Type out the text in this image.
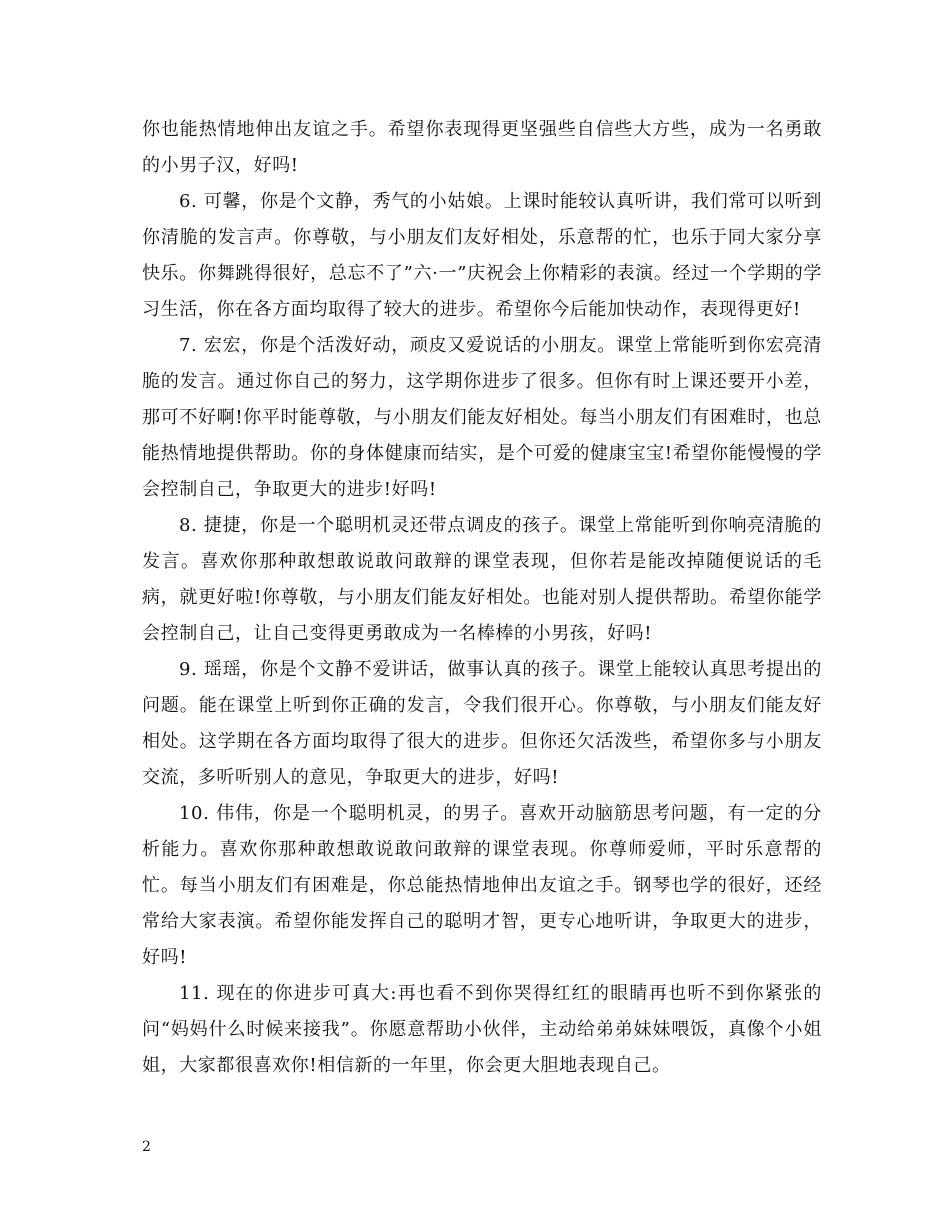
你也能热情地伸出友谊之手。希望你表现得更坚强些自信些大方些，成为一名勇敢的小男子汉，好吗!

6. 可馨，你是个文静，秀气的小姑娘。上课时能较认真听讲，我们常可以听到你清脆的发言声。你尊敬，与小朋友们友好相处，乐意帮的忙，也乐于同大家分享快乐。你舞跳得很好，总忘不了”六·一”庆祝会上你精彩的表演。经过一个学期的学习生活，你在各方面均取得了较大的进步。希望你今后能加快动作，表现得更好!

7. 宏宏，你是个活泼好动，顽皮又爱说话的小朋友。课堂上常能听到你宏亮清脆的发言。通过你自己的努力，这学期你进步了很多。但你有时上课还要开小差，那可不好啊!你平时能尊敬，与小朋友们能友好相处。每当小朋友们有困难时，也总能热情地提供帮助。你的身体健康而结实，是个可爱的健康宝宝!希望你能慢慢的学会控制自己，争取更大的进步!好吗!

8. 捷捷，你是一个聪明机灵还带点调皮的孩子。课堂上常能听到你响亮清脆的发言。喜欢你那种敢想敢说敢问敢辩的课堂表现，但你若是能改掉随便说话的毛病，就更好啦!你尊敬，与小朋友们能友好相处。也能对别人提供帮助。希望你能学会控制自己，让自己变得更勇敢成为一名棒棒的小男孩，好吗!

9. 瑶瑶，你是个文静不爱讲话，做事认真的孩子。课堂上能较认真思考提出的问题。能在课堂上听到你正确的发言，令我们很开心。你尊敬，与小朋友们能友好相处。这学期在各方面均取得了很大的进步。但你还欠活泼些，希望你多与小朋友交流，多听听别人的意见，争取更大的进步，好吗!

10. 伟伟，你是一个聪明机灵，的男子。喜欢开动脑筋思考问题，有一定的分析能力。喜欢你那种敢想敢说敢问敢辩的课堂表现。你尊师爱师，平时乐意帮的忙。每当小朋友们有困难是，你总能热情地伸出友谊之手。钢琴也学的很好，还经常给大家表演。希望你能发挥自己的聪明才智，更专心地听讲，争取更大的进步，好吗!

11. 现在的你进步可真大:再也看不到你哭得红红的眼睛再也听不到你紧张的问“妈妈什么时候来接我”。你愿意帮助小伙伴，主动给弟弟妹妹喂饭，真像个小姐姐，大家都很喜欢你!相信新的一年里，你会更大胆地表现自己。

2
